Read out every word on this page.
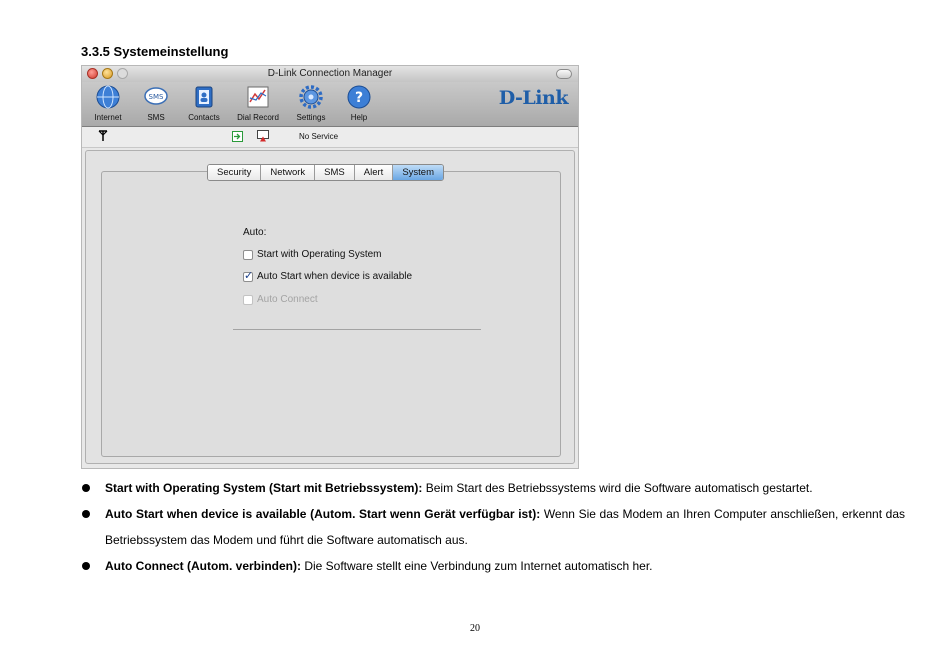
3.3.5 Systemeinstellung
D-Link Connection Manager
Internet
SMS
SMS	Contacts	Dial Record	Settings
?
Help
D-Link
No Service
Auto:
Start with Operating System
✓
Auto Start when device is available
Auto Connect
Security	Network	SMS	Alert	System
Start with Operating System (Start mit Betriebssystem): Beim Start des Betriebssystems wird die Software automatisch gestartet.
Auto Start when device is available (Autom. Start wenn Gerät verfügbar ist): Wenn Sie das Modem an Ihren Computer anschließen, erkennt das Betriebssystem das Modem und führt die Software automatisch aus.
Auto Connect (Autom. verbinden): Die Software stellt eine Verbindung zum Internet automatisch her.
20
